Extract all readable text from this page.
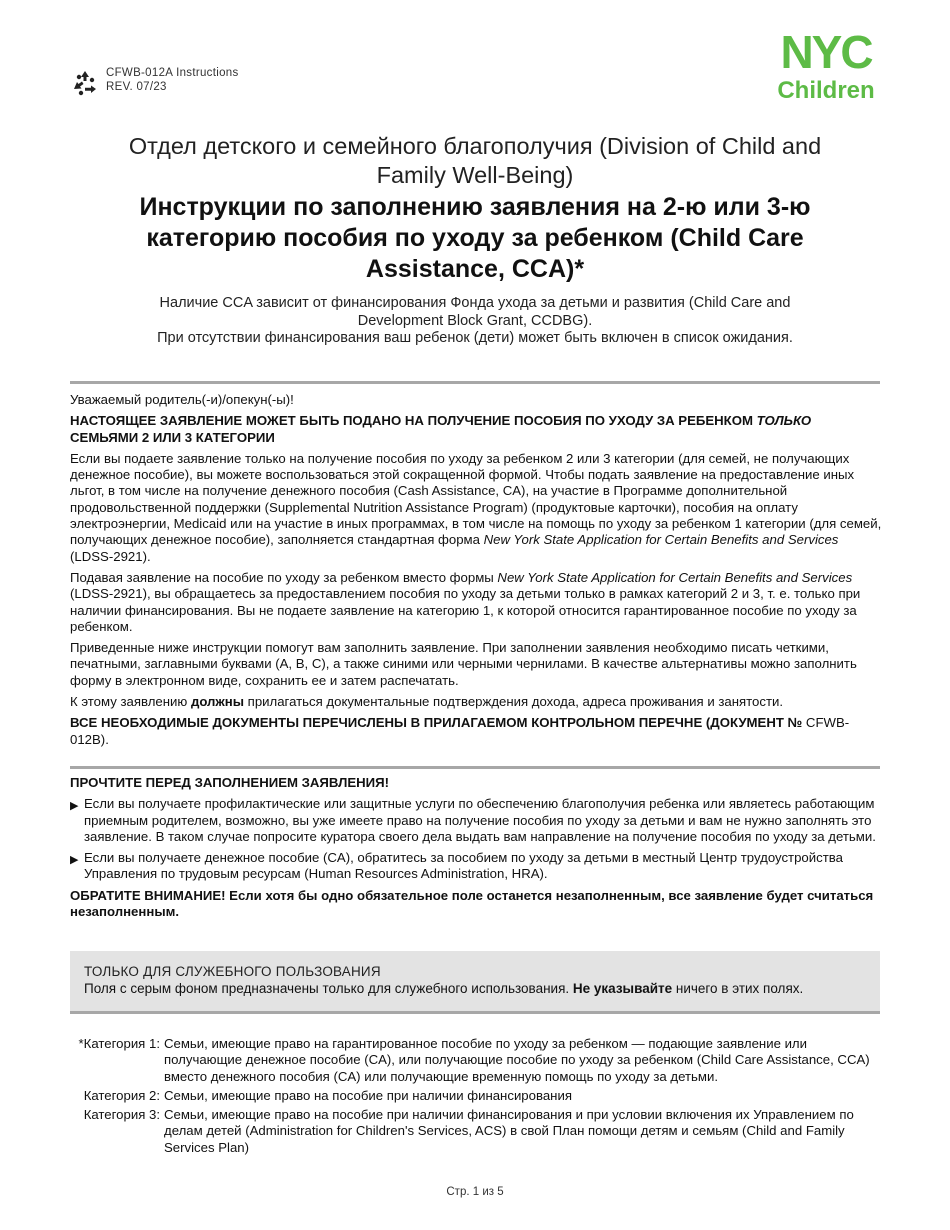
CFWB-012A Instructions
REV. 07/23
NYC
Children
Отдел детского и семейного благополучия (Division of Child and Family Well-Being)
Инструкции по заполнению заявления на 2-ю или 3-ю категорию пособия по уходу за ребенком (Child Care Assistance, CCA)*
Наличие CCA зависит от финансирования Фонда ухода за детьми и развития (Child Care and Development Block Grant, CCDBG).
При отсутствии финансирования ваш ребенок (дети) может быть включен в список ожидания.

Уважаемый родитель(-и)/опекун(-ы)!

НАСТОЯЩЕЕ ЗАЯВЛЕНИЕ МОЖЕТ БЫТЬ ПОДАНО НА ПОЛУЧЕНИЕ ПОСОБИЯ ПО УХОДУ ЗА РЕБЕНКОМ ТОЛЬКО СЕМЬЯМИ 2 ИЛИ 3 КАТЕГОРИИ

Если вы подаете заявление только на получение пособия по уходу за ребенком 2 или 3 категории (для семей, не получающих денежное пособие), вы можете воспользоваться этой сокращенной формой. Чтобы подать заявление на предоставление иных льгот, в том числе на получение денежного пособия (Cash Assistance, CA), на участие в Программе дополнительной продовольственной поддержки (Supplemental Nutrition Assistance Program) (продуктовые карточки), пособия на оплату электроэнергии, Medicaid или на участие в иных программах, в том числе на помощь по уходу за ребенком 1 категории (для семей, получающих денежное пособие), заполняется стандартная форма New York State Application for Certain Benefits and Services (LDSS-2921).

Подавая заявление на пособие по уходу за ребенком вместо формы New York State Application for Certain Benefits and Services (LDSS-2921), вы обращаетесь за предоставлением пособия по уходу за детьми только в рамках категорий 2 и 3, т. е. только при наличии финансирования. Вы не подаете заявление на категорию 1, к которой относится гарантированное пособие по уходу за ребенком.

Приведенные ниже инструкции помогут вам заполнить заявление. При заполнении заявления необходимо писать четкими, печатными, заглавными буквами (A, B, C), а также синими или черными чернилами. В качестве альтернативы можно заполнить форму в электронном виде, сохранить ее и затем распечатать.

К этому заявлению должны прилагаться документальные подтверждения дохода, адреса проживания и занятости.

ВСЕ НЕОБХОДИМЫЕ ДОКУМЕНТЫ ПЕРЕЧИСЛЕНЫ В ПРИЛАГАЕМОМ КОНТРОЛЬНОМ ПЕРЕЧНЕ (ДОКУМЕНТ № CFWB-012B).

ПРОЧТИТЕ ПЕРЕД ЗАПОЛНЕНИЕМ ЗАЯВЛЕНИЯ!

▶ Если вы получаете профилактические или защитные услуги по обеспечению благополучия ребенка или являетесь работающим приемным родителем, возможно, вы уже имеете право на получение пособия по уходу за детьми и вам не нужно заполнять это заявление. В таком случае попросите куратора своего дела выдать вам направление на получение пособия по уходу за детьми.
▶ Если вы получаете денежное пособие (CA), обратитесь за пособием по уходу за детьми в местный Центр трудоустройства Управления по трудовым ресурсам (Human Resources Administration, HRA).

ОБРАТИТЕ ВНИМАНИЕ! Если хотя бы одно обязательное поле останется незаполненным, все заявление будет считаться незаполненным.

ТОЛЬКО ДЛЯ СЛУЖЕБНОГО ПОЛЬЗОВАНИЯ
Поля с серым фоном предназначены только для служебного использования. Не указывайте ничего в этих полях.
*Категория 1: Семьи, имеющие право на гарантированное пособие по уходу за ребенком — подающие заявление или получающие денежное пособие (CA), или получающие пособие по уходу за ребенком (Child Care Assistance, CCA) вместо денежного пособия (CA) или получающие временную помощь по уходу за детьми.
Категория 2: Семьи, имеющие право на пособие при наличии финансирования
Категория 3: Семьи, имеющие право на пособие при наличии финансирования и при условии включения их Управлением по делам детей (Administration for Children's Services, ACS) в свой План помощи детям и семьям (Child and Family Services Plan)
Стр. 1 из 5
